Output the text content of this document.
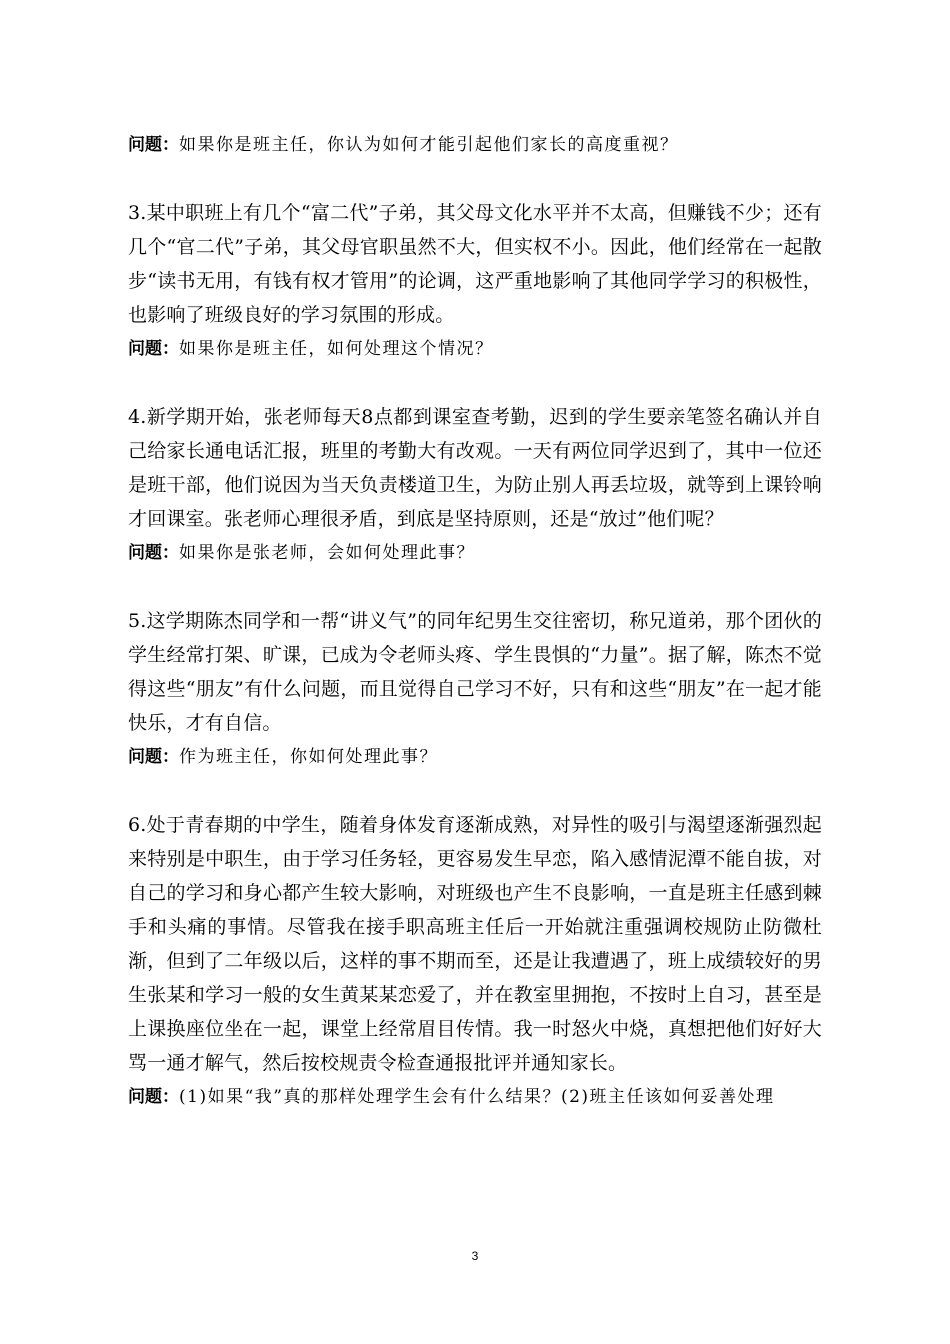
问题：如果你是班主任，你认为如何才能引起他们家长的高度重视？

3.某中职班上有几个“富二代”子弟，其父母文化水平并不太高，但赚钱不少；还有几个“官二代”子弟，其父母官职虽然不大，但实权不小。因此，他们经常在一起散步“读书无用，有钱有权才管用”的论调，这严重地影响了其他同学学习的积极性，也影响了班级良好的学习氛围的形成。

问题：如果你是班主任，如何处理这个情况？

4.新学期开始，张老师每天8点都到课室查考勤，迟到的学生要亲笔签名确认并自己给家长通电话汇报，班里的考勤大有改观。一天有两位同学迟到了，其中一位还是班干部，他们说因为当天负责楼道卫生，为防止别人再丢垃圾，就等到上课铃响才回课室。张老师心理很矛盾，到底是坚持原则，还是“放过”他们呢？

问题：如果你是张老师，会如何处理此事？

5.这学期陈杰同学和一帮“讲义气”的同年纪男生交往密切，称兄道弟，那个团伙的学生经常打架、旷课，已成为令老师头疼、学生畏惧的“力量”。据了解，陈杰不觉得这些“朋友”有什么问题，而且觉得自己学习不好，只有和这些“朋友”在一起才能快乐，才有自信。

问题：作为班主任，你如何处理此事？

6.处于青春期的中学生，随着身体发育逐渐成熟，对异性的吸引与渴望逐渐强烈起来特别是中职生，由于学习任务轻，更容易发生早恋，陷入感情泥潭不能自拔，对自己的学习和身心都产生较大影响，对班级也产生不良影响，一直是班主任感到棘手和头痛的事情。尽管我在接手职高班主任后一开始就注重强调校规防止防微杜渐，但到了二年级以后，这样的事不期而至，还是让我遭遇了，班上成绩较好的男生张某和学习一般的女生黄某某恋爱了，并在教室里拥抱，不按时上自习，甚至是上课换座位坐在一起，课堂上经常眉目传情。我一时怒火中烧，真想把他们好好大骂一通才解气，然后按校规责令检查通报批评并通知家长。

问题：(1)如果“我”真的那样处理学生会有什么结果？(2)班主任该如何妥善处理

3
